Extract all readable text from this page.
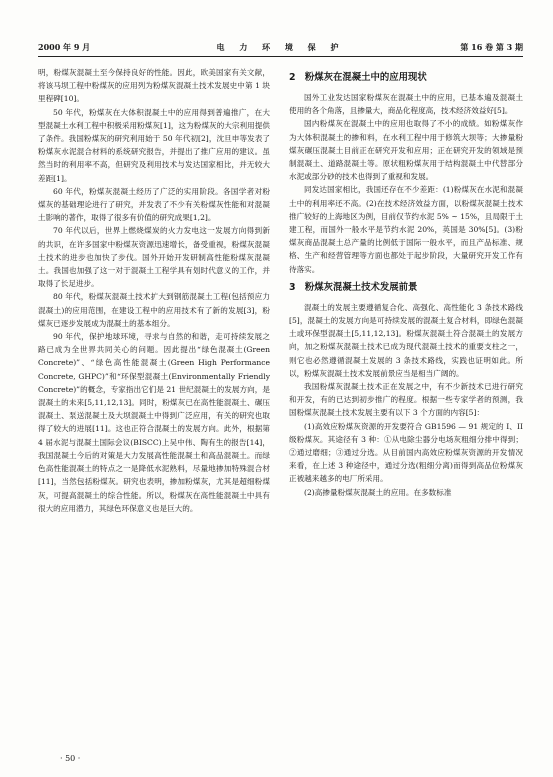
2000 年 9 月	电 力 环 境 保 护	第 16 卷 第 3 期

明，粉煤灰混凝土至今保持良好的性能。因此，欧美国家有关文献，将该马坝工程中粉煤灰的应用列为粉煤灰混凝土技术发展史中第 1 块里程碑[10]。

50 年代，粉煤灰在大体积混凝土中的应用得到普遍推广，在大型混凝土水利工程中积极采用粉煤灰[1]，这为粉煤灰的大宗利用提供了条件。我国粉煤灰的研究利用始于 50 年代初[2]，沈旦申等发表了粉煤灰水泥混合材料的系统研究报告，并提出了推广应用的建议。虽然当时的利用率不高，但研究及利用技术与发达国家相比，并无较大差距[1]。

60 年代，粉煤灰混凝土经历了广泛的实用阶段。各国学者对粉煤灰的基础理论进行了研究，并发表了不少有关粉煤灰性能和对混凝土影响的著作，取得了很多有价值的研究成果[1,2]。

70 年代以后，世界上燃烧煤炭的火力发电这一发展方向得到新的共识，在许多国家中粉煤灰资源迅速增长，备受重视，粉煤灰混凝土技术的进步也加快了步伐。国外开始开发研制高性能粉煤灰混凝土。我国也加强了这一对于混凝土工程学具有划时代意义的工作，并取得了长足进步。

80 年代，粉煤灰混凝土技术扩大到钢筋混凝土工程(包括预应力混凝土)的应用范围，在建设工程中的应用技术有了新的发展[3]，粉煤灰已逐步发展成为混凝土的基本组分。

90 年代，保护地球环境，寻求与自然的和谐，走可持续发展之路已成为全世界共同关心的问题。因此提出“绿色混凝土(Green Concrete)”、“绿色高性能混凝土(Green High Performance Concrete, GHPC)”和“环保型混凝土(Environmentally Friendly Concrete)”的概念，专家指出它们是 21 世纪混凝土的发展方向，是混凝土的未来[5,11,12,13]。同时，粉煤灰已在高性能混凝土、碾压混凝土、泵送混凝土及大坝混凝土中得到广泛应用，有关的研究也取得了较大的进展[11]。这也正符合混凝土的发展方向。此外，根据第 4 届水泥与混凝土国际会议(BISCC)上吴中伟、陶有生的报告[14]，我国混凝土今后的对策是大力发展高性能混凝土和高品混凝土。而绿色高性能混凝土的特点之一是降低水泥熟料，尽量地掺加特殊混合材[11]，当然包括粉煤灰。研究也表明，掺加粉煤灰，尤其是超细粉煤灰，可提高混凝土的综合性能。所以，粉煤灰在高性能混凝土中具有很大的应用潜力，其绿色环保意义也是巨大的。

2　粉煤灰在混凝土中的应用现状

国外工业发达国家粉煤灰在混凝土中的应用，已基本遍及混凝土使用的各个角落，且掺量大，商品化程度高，技术经济效益好[5]。

国内粉煤灰在混凝土中的应用也取得了不小的成绩。如粉煤灰作为大体积混凝土的掺和料，在水利工程中用于修筑大坝等；大掺量粉煤灰碾压混凝土目前正在研究开发和应用；正在研究开发的领域是预制混凝土、道路混凝土等。原状粗粉煤灰用于结构混凝土中代替部分水泥或部分砂的技术也得到了重视和发展。

同发达国家相比，我国还存在不少差距：(1)粉煤灰在水泥和混凝土中的利用率还不高。(2)在技术经济效益方面，以粉煤灰混凝土技术推广较好的上海地区为例，目前仅节约水泥 5% ~ 15%，且局限于土建工程，而国外一般水平是节约水泥 20%，英国是 30%[5]。(3)粉煤灰商品混凝土总产量的比例低于国际一般水平，而且产品标准、规格、生产和经营管理等方面也都处于起步阶段，大量研究开发工作有待落实。

3　粉煤灰混凝土技术发展前景

混凝土的发展主要遵循复合化、高强化、高性能化 3 条技术路线[5]，混凝土的发展方向是可持续发展的混凝土复合材料，即绿色混凝土或环保型混凝土[5,11,12,13]。粉煤灰混凝土符合混凝土的发展方向，加之粉煤灰混凝土技术已成为现代混凝土技术的重要支柱之一，则它也必然遵循混凝土发展的 3 条技术路线，实践也证明如此。所以，粉煤灰混凝土技术发展前景应当是相当广阔的。

我国粉煤灰混凝土技术正在发展之中，有不少新技术已进行研究和开发，有的已达到初步推广的程度。根据一些专家学者的预测，我国粉煤灰混凝土技术发展主要有以下 3 个方面的内容[5]：

(1)高效应粉煤灰资源的开发要符合 GB1596 — 91 规定的 I、II 级粉煤灰。其途径有 3 种：①从电除尘器分电场灰粗细分排中得到；②通过磨细；③通过分选。从目前国内高效应粉煤灰资源的开发情况来看，在上述 3 种途径中，通过分选(粗细分离)而得到高品位粉煤灰正被越来越多的电厂所采用。

(2)高掺量粉煤灰混凝土的应用。在多数标准

· 50 ·
